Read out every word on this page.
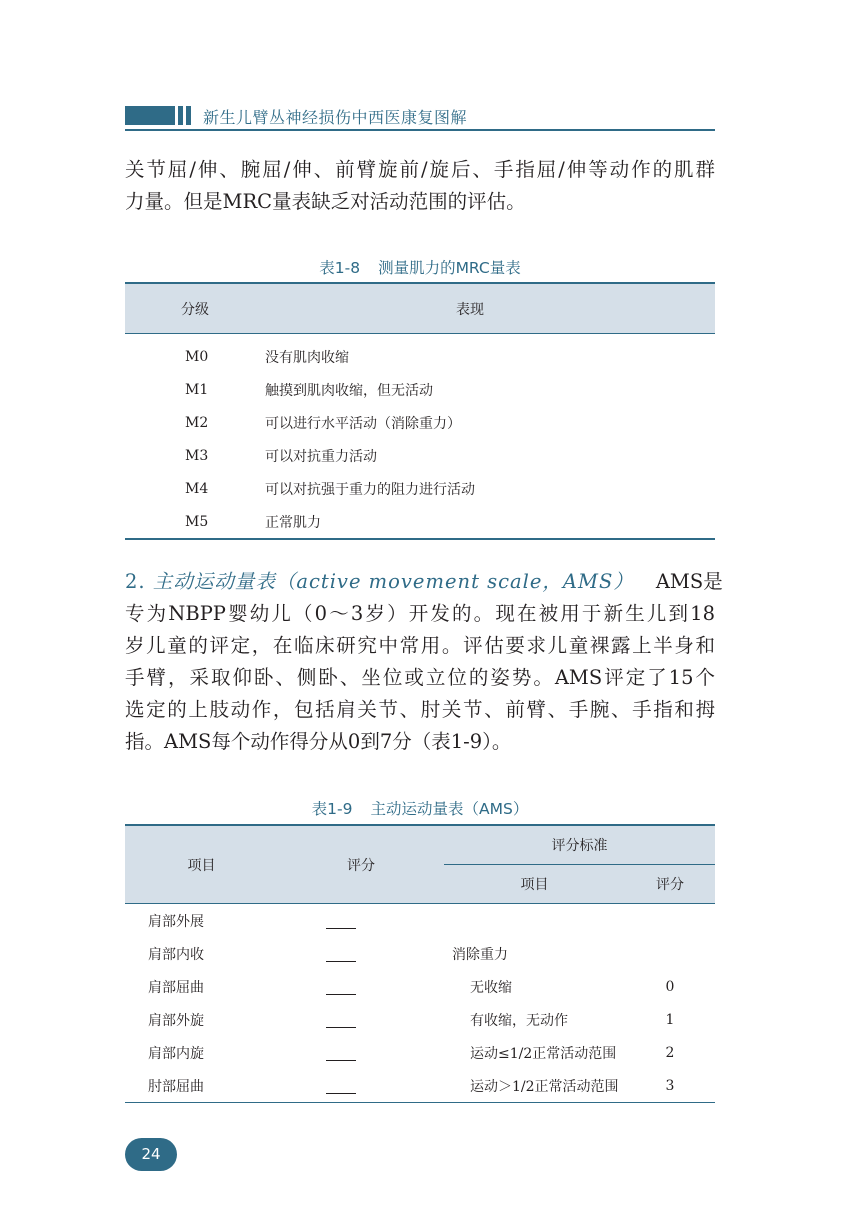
新生儿臂丛神经损伤中西医康复图解
关节屈/伸、腕屈/伸、前臂旋前/旋后、手指屈/伸等动作的肌群
力量。但是MRC量表缺乏对活动范围的评估。
表1-8 测量肌力的MRC量表
分级	表现
M0	没有肌肉收缩
M1	触摸到肌肉收缩，但无活动
M2	可以进行水平活动（消除重力）
M3	可以对抗重力活动
M4	可以对抗强于重力的阻力进行活动
M5	正常肌力
2. 主动运动量表（active movement scale，AMS） AMS是
专为NBPP婴幼儿（0～3岁）开发的。现在被用于新生儿到18
岁儿童的评定，在临床研究中常用。评估要求儿童裸露上半身和
手臂，采取仰卧、侧卧、坐位或立位的姿势。AMS评定了15个
选定的上肢动作，包括肩关节、肘关节、前臂、手腕、手指和拇
指。AMS每个动作得分从0到7分（表1-9）。
表1-9 主动运动量表（AMS）
项目	评分	评分标准	
		项目	评分
肩部外展			
肩部内收		消除重力	
肩部屈曲		无收缩	0
肩部外旋		有收缩，无动作	1
肩部内旋		运动≤1/2正常活动范围	2
肘部屈曲		运动＞1/2正常活动范围	3
24
